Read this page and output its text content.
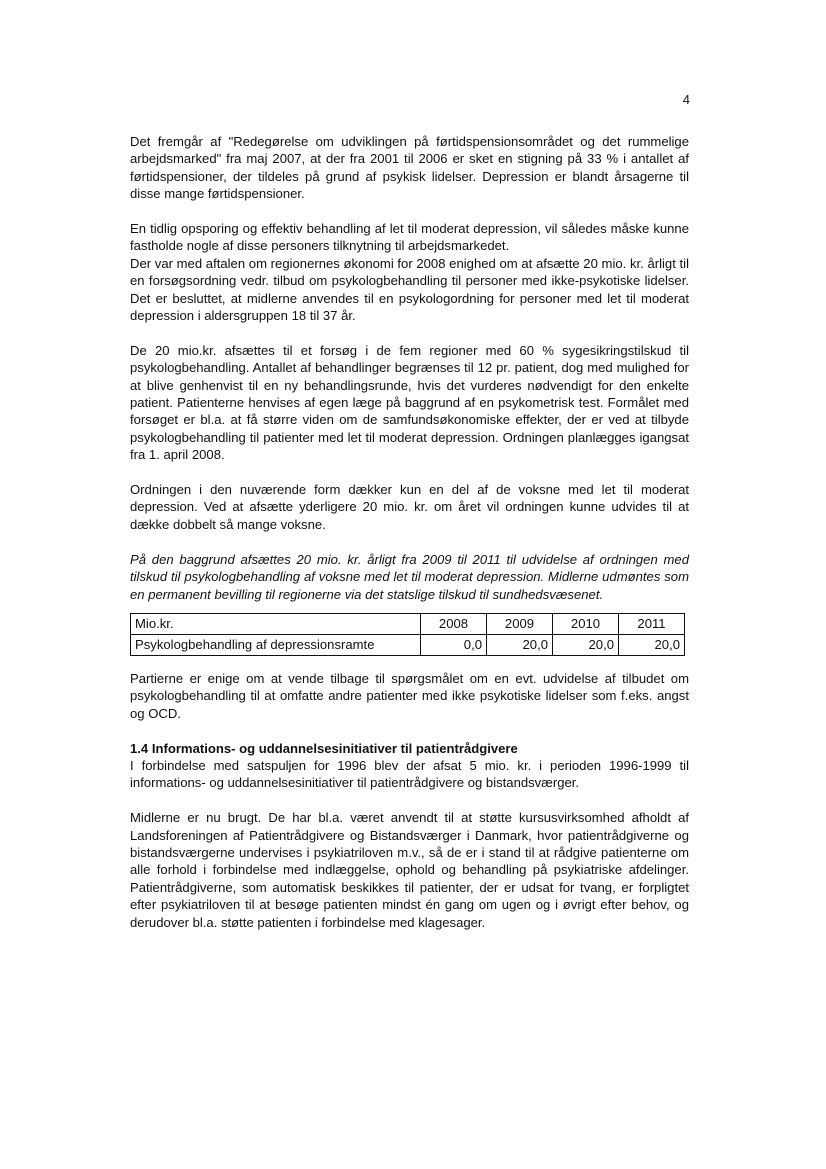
4

Det fremgår af "Redegørelse om udviklingen på førtidspensionsområdet og det rummelige arbejdsmarked" fra maj 2007, at der fra 2001 til 2006 er sket en stigning på 33 % i antallet af førtidspensioner, der tildeles på grund af psykisk lidelser. Depression er blandt årsagerne til disse mange førtidspensioner.

En tidlig opsporing og effektiv behandling af let til moderat depression, vil således måske kunne fastholde nogle af disse personers tilknytning til arbejdsmarkedet.

Der var med aftalen om regionernes økonomi for 2008 enighed om at afsætte 20 mio. kr. årligt til en forsøgsordning vedr. tilbud om psykologbehandling til personer med ikke-psykotiske lidelser. Det er besluttet, at midlerne anvendes til en psykologordning for personer med let til moderat depression i aldersgruppen 18 til 37 år.

De 20 mio.kr. afsættes til et forsøg i de fem regioner med 60 % sygesikringstilskud til psykologbehandling. Antallet af behandlinger begrænses til 12 pr. patient, dog med mulighed for at blive genhenvist til en ny behandlingsrunde, hvis det vurderes nødvendigt for den enkelte patient. Patienterne henvises af egen læge på baggrund af en psykometrisk test. Formålet med forsøget er bl.a. at få større viden om de samfundsøkonomiske effekter, der er ved at tilbyde psykologbehandling til patienter med let til moderat depression. Ordningen planlægges igangsat fra 1. april 2008.

Ordningen i den nuværende form dækker kun en del af de voksne med let til moderat depression. Ved at afsætte yderligere 20 mio. kr. om året vil ordningen kunne udvides til at dække dobbelt så mange voksne.

På den baggrund afsættes 20 mio. kr. årligt fra 2009 til 2011 til udvidelse af ordningen med tilskud til psykologbehandling af voksne med let til moderat depression. Midlerne udmøntes som en permanent bevilling til regionerne via det statslige tilskud til sundhedsvæsenet.

Mio.kr.	2008	2009	2010	2011
Psykologbehandling af depressionsramte	0,0	20,0	20,0	20,0

Partierne er enige om at vende tilbage til spørgsmålet om en evt. udvidelse af tilbudet om psykologbehandling til at omfatte andre patienter med ikke psykotiske lidelser som f.eks. angst og OCD.

1.4 Informations- og uddannelsesinitiativer til patientrådgivere

I forbindelse med satspuljen for 1996 blev der afsat 5 mio. kr. i perioden 1996-1999 til informations- og uddannelsesinitiativer til patientrådgivere og bistandsværger.

Midlerne er nu brugt. De har bl.a. været anvendt til at støtte kursusvirksomhed afholdt af Landsforeningen af Patientrådgivere og Bistandsværger i Danmark, hvor patientrådgiverne og bistandsværgerne undervises i psykiatriloven m.v., så de er i stand til at rådgive patienterne om alle forhold i forbindelse med indlæggelse, ophold og behandling på psykiatriske afdelinger. Patientrådgiverne, som automatisk beskikkes til patienter, der er udsat for tvang, er forpligtet efter psykiatriloven til at besøge patienten mindst én gang om ugen og i øvrigt efter behov, og derudover bl.a. støtte patienten i forbindelse med klagesager.
